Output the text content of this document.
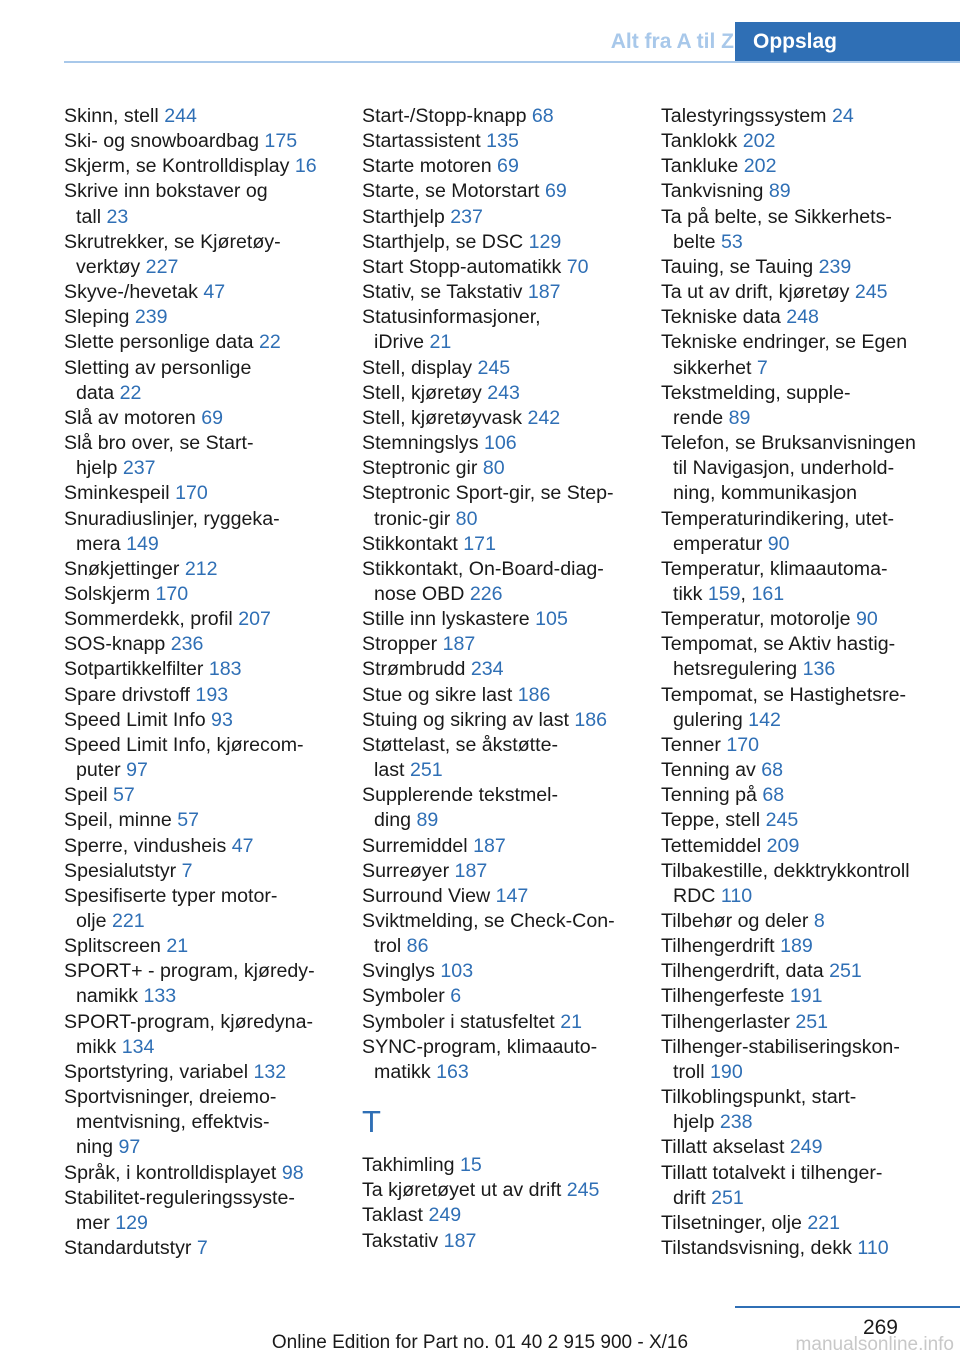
Alt fra A til Z Oppslag
Skinn, stell 244
Ski- og snowboardbag 175
Skjerm, se Kontrolldisplay 16
Skrive inn bokstaver og
tall 23
Skrutrekker, se Kjøretøy-
verktøy 227
Skyve-/hevetak 47
Sleping 239
Slette personlige data 22
Sletting av personlige
data 22
Slå av motoren 69
Slå bro over, se Start-
hjelp 237
Sminkespeil 170
Snuradiuslinjer, ryggeka-
mera 149
Snøkjettinger 212
Solskjerm 170
Sommerdekk, profil 207
SOS-knapp 236
Sotpartikkelfilter 183
Spare drivstoff 193
Speed Limit Info 93
Speed Limit Info, kjørecom-
puter 97
Speil 57
Speil, minne 57
Sperre, vindusheis 47
Spesialutstyr 7
Spesifiserte typer motor-
olje 221
Splitscreen 21
SPORT+ - program, kjøredy-
namikk 133
SPORT-program, kjøredyna-
mikk 134
Sportstyring, variabel 132
Sportvisninger, dreiemo-
mentvisning, effektvis-
ning 97
Språk, i kontrolldisplayet 98
Stabilitet-reguleringssyste-
mer 129
Standardutstyr 7
Start-/Stopp-knapp 68
Startassistent 135
Starte motoren 69
Starte, se Motorstart 69
Starthjelp 237
Starthjelp, se DSC 129
Start Stopp-automatikk 70
Stativ, se Takstativ 187
Statusinformasjoner,
iDrive 21
Stell, display 245
Stell, kjøretøy 243
Stell, kjøretøyvask 242
Stemningslys 106
Steptronic gir 80
Steptronic Sport-gir, se Step-
tronic-gir 80
Stikkontakt 171
Stikkontakt, On-Board-diag-
nose OBD 226
Stille inn lyskastere 105
Stropper 187
Strømbrudd 234
Stue og sikre last 186
Stuing og sikring av last 186
Støttelast, se åkstøtte-
last 251
Supplerende tekstmel-
ding 89
Surremiddel 187
Surreøyer 187
Surround View 147
Sviktmelding, se Check-Con-
trol 86
Svinglys 103
Symboler 6
Symboler i statusfeltet 21
SYNC-program, klimaauto-
matikk 163
T
Takhimling 15
Ta kjøretøyet ut av drift 245
Taklast 249
Takstativ 187
Talestyringssystem 24
Tanklokk 202
Tankluke 202
Tankvisning 89
Ta på belte, se Sikkerhets-
belte 53
Tauing, se Tauing 239
Ta ut av drift, kjøretøy 245
Tekniske data 248
Tekniske endringer, se Egen
sikkerhet 7
Tekstmelding, supple-
rende 89
Telefon, se Bruksanvisningen
til Navigasjon, underhold-
ning, kommunikasjon
Temperaturindikering, utet-
emperatur 90
Temperatur, klimaautoma-
tikk 159, 161
Temperatur, motorolje 90
Tempomat, se Aktiv hastig-
hetsregulering 136
Tempomat, se Hastighetsre-
gulering 142
Tenner 170
Tenning av 68
Tenning på 68
Teppe, stell 245
Tettemiddel 209
Tilbakestille, dekktrykkontroll
RDC 110
Tilbehør og deler 8
Tilhengerdrift 189
Tilhengerdrift, data 251
Tilhengerfeste 191
Tilhengerlaster 251
Tilhenger-stabiliseringskon-
troll 190
Tilkoblingspunkt, start-
hjelp 238
Tillatt akselast 249
Tillatt totalvekt i tilhenger-
drift 251
Tilsetninger, olje 221
Tilstandsvisning, dekk 110
269
Online Edition for Part no. 01 40 2 915 900 - X/16	manualsonline.info
